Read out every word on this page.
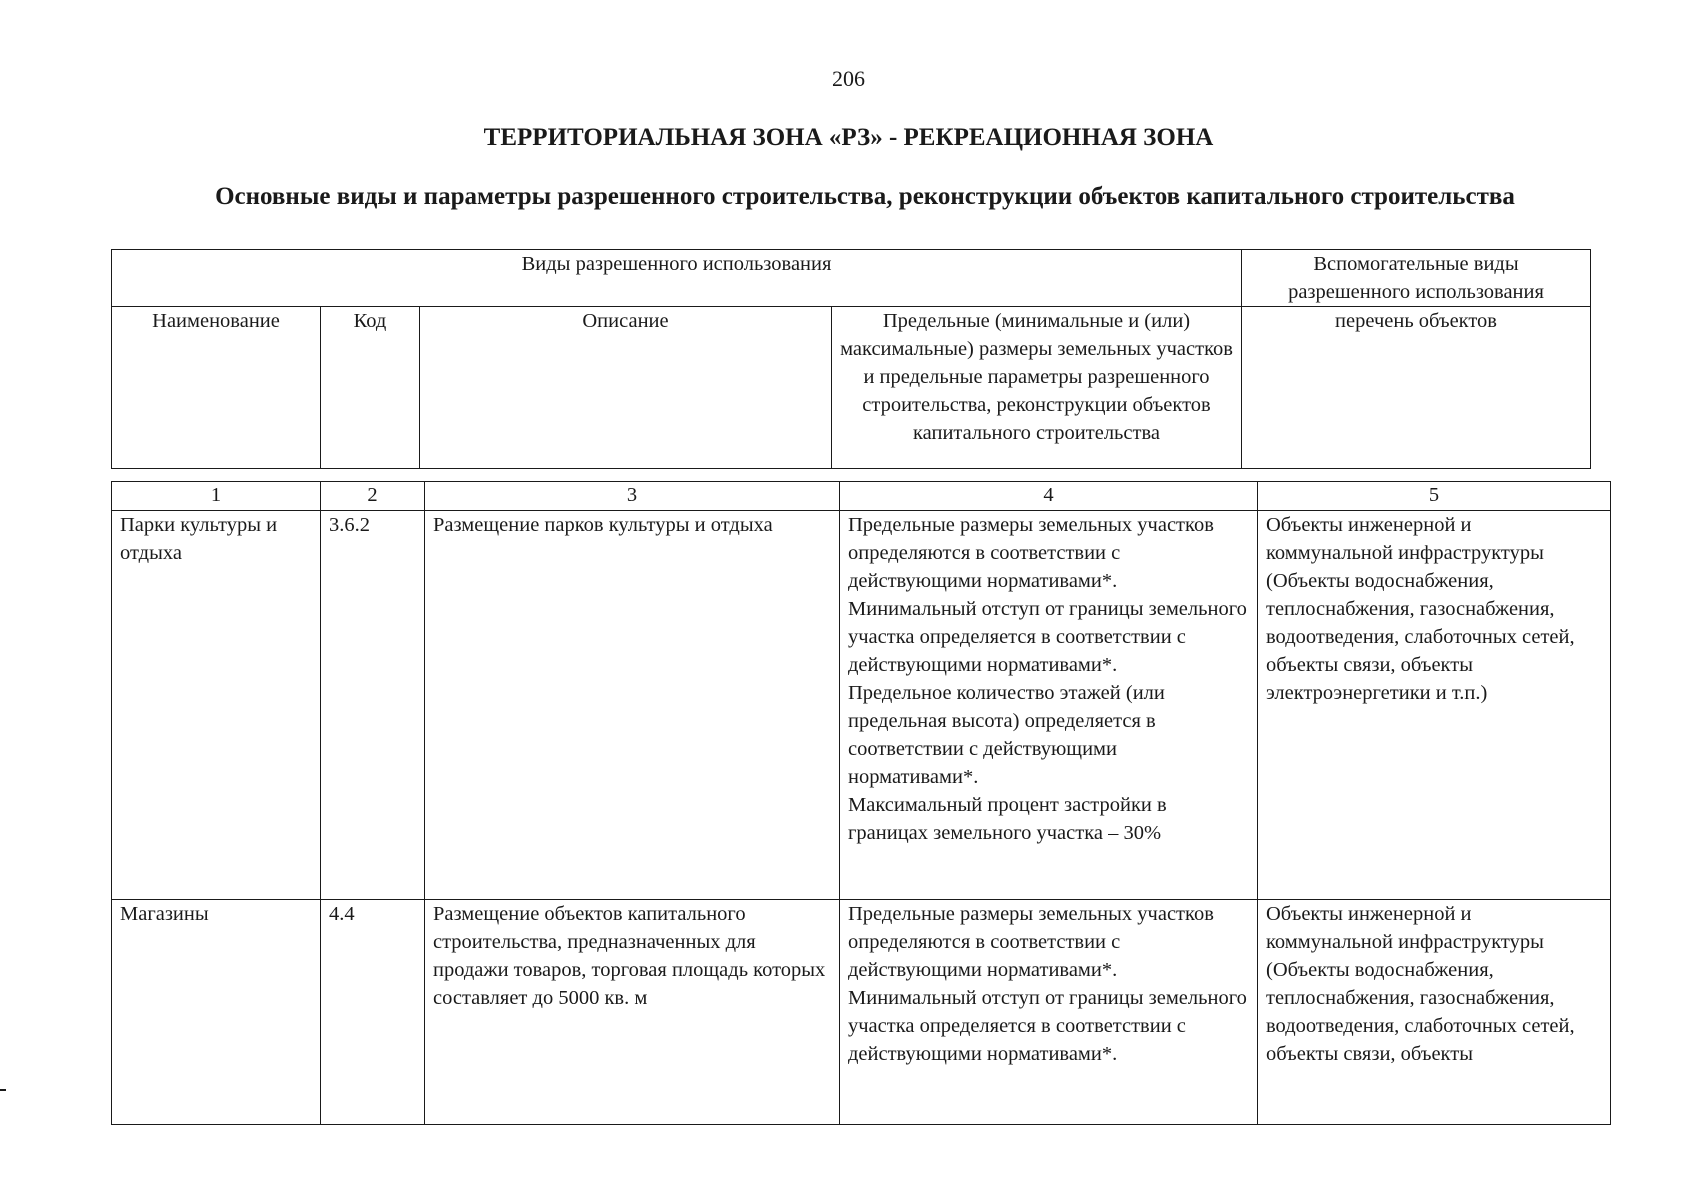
206
ТЕРРИТОРИАЛЬНАЯ ЗОНА «РЗ» - РЕКРЕАЦИОННАЯ ЗОНА
Основные виды и параметры разрешенного строительства, реконструкции объектов капитального строительства
Виды разрешенного использования				Вспомогательные виды разрешенного использования
Наименование	Код	Описание	Предельные (минимальные и (или) максимальные) размеры земельных участков и предельные параметры разрешенного строительства, реконструкции объектов капитального строительства	перечень объектов
1	2	3	4	5
Парки культуры и отдыха	3.6.2	Размещение парков культуры и отдыха	Предельные размеры земельных участков определяются в соответствии с действующими нормативами*.
Минимальный отступ от границы земельного участка определяется в соответствии с действующими нормативами*.
Предельное количество этажей (или предельная высота) определяется в соответствии с действующими нормативами*.
Максимальный процент застройки в границах земельного участка – 30%	Объекты инженерной и коммунальной инфраструктуры (Объекты водоснабжения, теплоснабжения, газоснабжения, водоотведения, слаботочных сетей, объекты связи, объекты электроэнергетики и т.п.)
Магазины	4.4	Размещение объектов капитального строительства, предназначенных для продажи товаров, торговая площадь которых составляет до 5000 кв. м	Предельные размеры земельных участков определяются в соответствии с действующими нормативами*.
Минимальный отступ от границы земельного участка определяется в соответствии с действующими нормативами*.	Объекты инженерной и коммунальной инфраструктуры (Объекты водоснабжения, теплоснабжения, газоснабжения, водоотведения, слаботочных сетей, объекты связи, объекты
